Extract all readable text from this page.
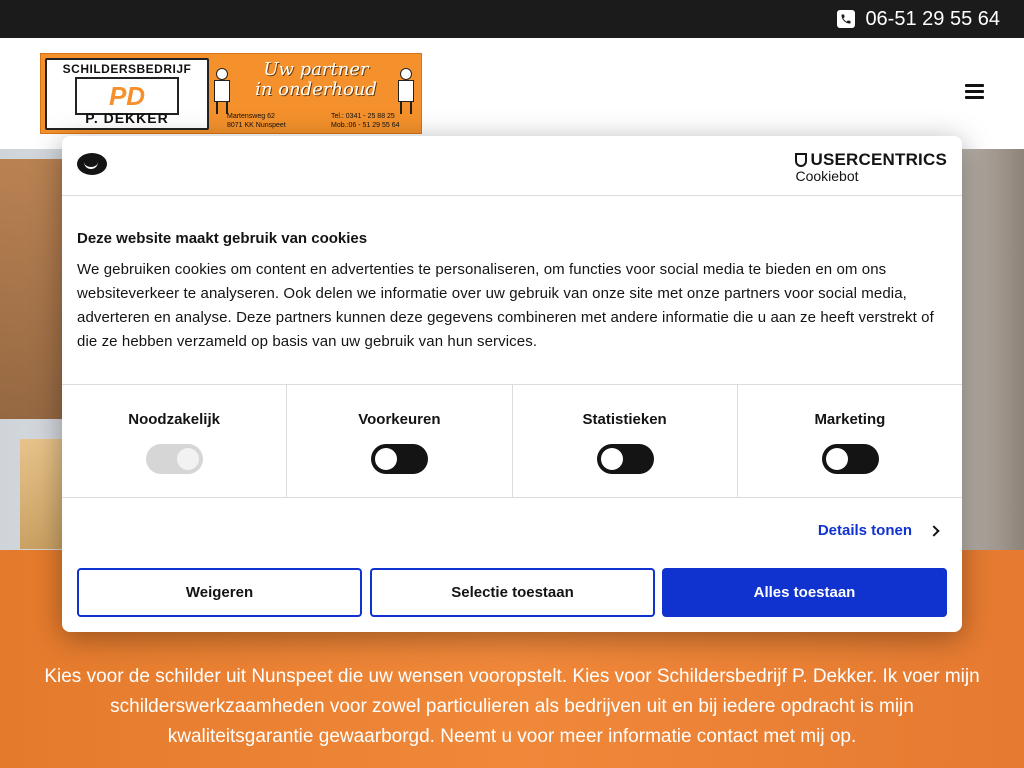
06-51 29 55 64
SCHILDERSBEDRIJF
PD
P. DEKKER
Uw partner
in onderhoud
Martensweg 62
8071 KK Nunspeet
Tel.: 0341 - 25 88 25
Mob.:06 - 51 29 55 64

Kies voor de schilder uit Nunspeet die uw wensen vooropstelt. Kies voor Schildersbedrijf P. Dekker. Ik voer mijn schilderswerkzaamheden voor zowel particulieren als bedrijven uit en bij iedere opdracht is mijn kwaliteitsgarantie gewaarborgd. Neemt u voor meer informatie contact met mij op.

USERCENTRICS
Cookiebot
Deze website maakt gebruik van cookies
We gebruiken cookies om content en advertenties te personaliseren, om functies voor social media te bieden en om ons websiteverkeer te analyseren. Ook delen we informatie over uw gebruik van onze site met onze partners voor social media, adverteren en analyse. Deze partners kunnen deze gegevens combineren met andere informatie die u aan ze heeft verstrekt of die ze hebben verzameld op basis van uw gebruik van hun services.
Noodzakelijk	Voorkeuren	Statistieken	Marketing
Details tonen
Weigeren	Selectie toestaan	Alles toestaan
